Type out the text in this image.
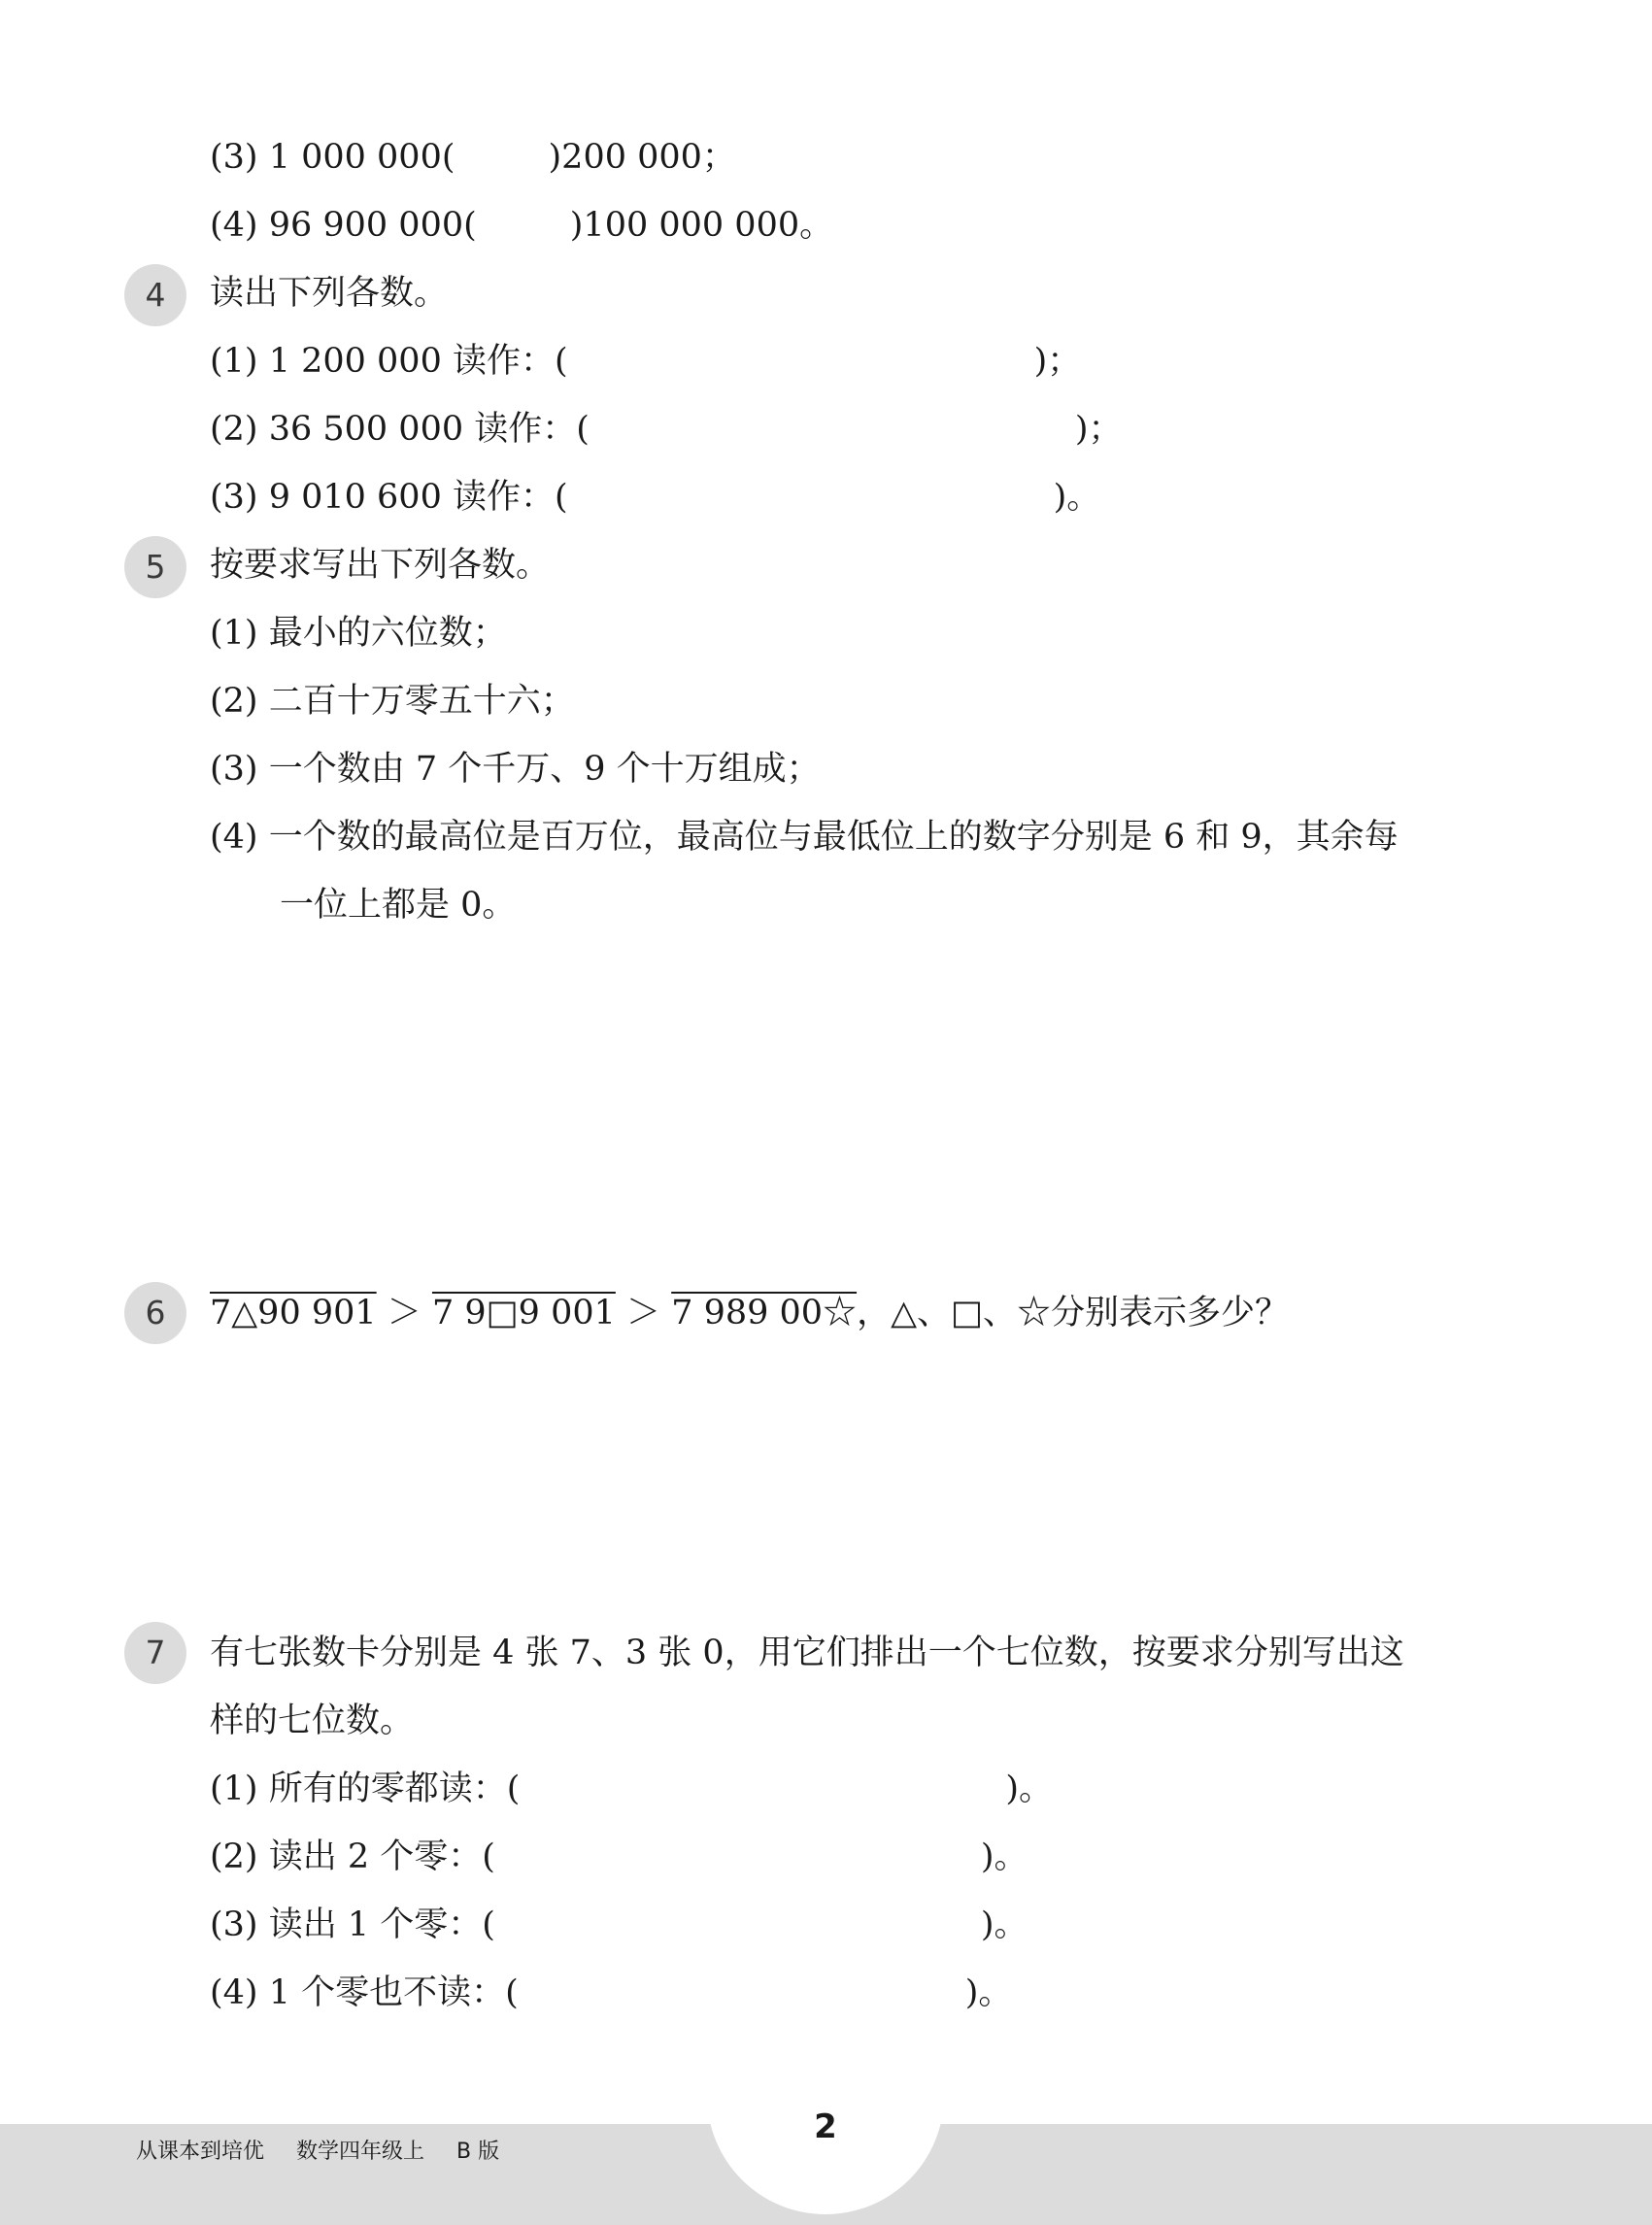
(3) 1 000 000(	)200 000；
(4) 96 900 000(	)100 000 000。
4	读出下列各数。
(1) 1 200 000 读作：(	)；
(2) 36 500 000 读作：(	)；
(3) 9 010 600 读作：(	)。
5	按要求写出下列各数。
(1) 最小的六位数；
(2) 二百十万零五十六；
(3) 一个数由 7 个千万、9 个十万组成；
(4) 一个数的最高位是百万位，最高位与最低位上的数字分别是 6 和 9，其余每
一位上都是 0。
6	7△90 901 ＞ 7 9□9 001 ＞ 7 989 00☆，△、□、☆分别表示多少？
7	有七张数卡分别是 4 张 7、3 张 0，用它们排出一个七位数，按要求分别写出这
样的七位数。
(1) 所有的零都读：(	)。
(2) 读出 2 个零：(	)。
(3) 读出 1 个零：(	)。
(4) 1 个零也不读：(	)。
2
从课本到培优 数学四年级上 B 版
